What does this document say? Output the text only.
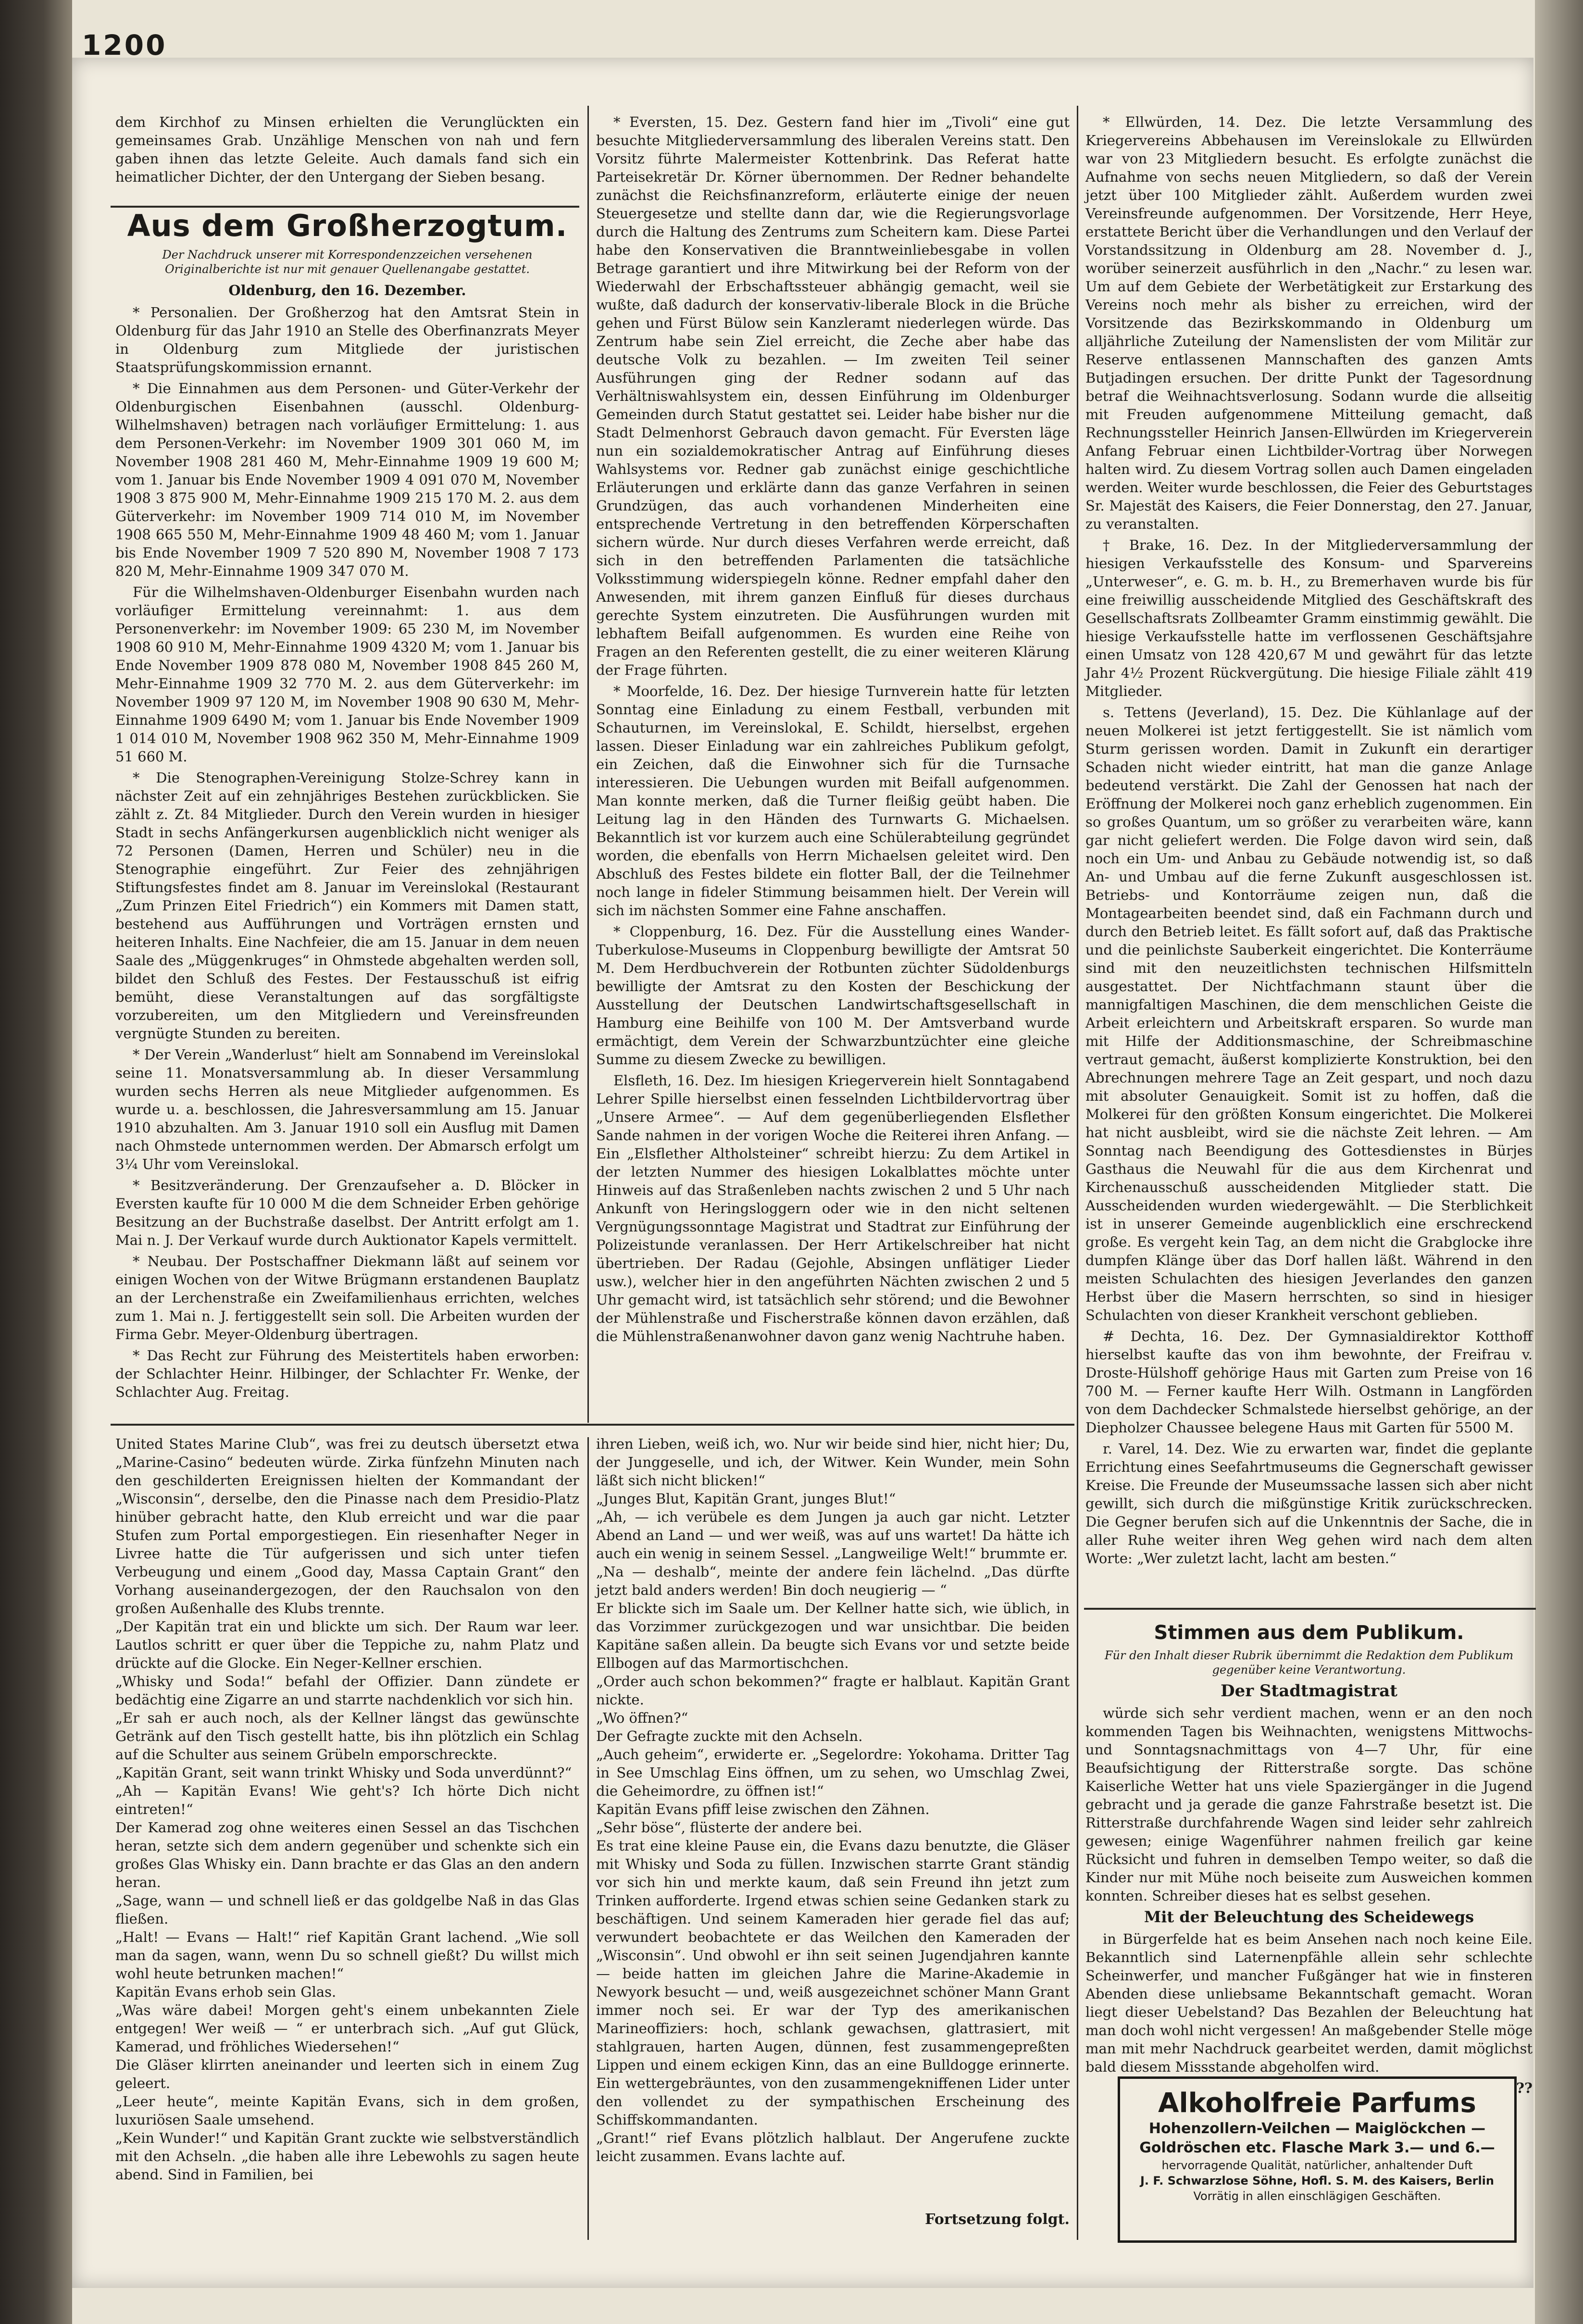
1200

dem Kirchhof zu Minsen erhielten die Verunglückten ein gemeinsames Grab. Unzählige Menschen von nah und fern gaben ihnen das letzte Geleite. Auch damals fand sich ein heimatlicher Dichter, der den Untergang der Sieben besang.

Aus dem Großherzogtum.
Der Nachdruck unserer mit Korrespondenzzeichen versehenen Originalberichte ist nur mit genauer Quellenangabe gestattet.
Oldenburg, den 16. Dezember.

* Personalien. Der Großherzog hat den Amtsrat Stein in Oldenburg für das Jahr 1910 an Stelle des Oberfinanzrats Meyer in Oldenburg zum Mitgliede der juristischen Staatsprüfungskommission ernannt.

* Die Einnahmen aus dem Personen- und Güter-Verkehr der Oldenburgischen Eisenbahnen (ausschl. Oldenburg-Wilhelmshaven) betragen nach vorläufiger Ermittelung: 1. aus dem Personen-Verkehr: im November 1909 301 060 M, im November 1908 281 460 M, Mehr-Einnahme 1909 19 600 M; vom 1. Januar bis Ende November 1909 4 091 070 M, November 1908 3 875 900 M, Mehr-Einnahme 1909 215 170 M. 2. aus dem Güterverkehr: im November 1909 714 010 M, im November 1908 665 550 M, Mehr-Einnahme 1909 48 460 M; vom 1. Januar bis Ende November 1909 7 520 890 M, November 1908 7 173 820 M, Mehr-Einnahme 1909 347 070 M.

Für die Wilhelmshaven-Oldenburger Eisenbahn wurden nach vorläufiger Ermittelung vereinnahmt: 1. aus dem Personenverkehr: im November 1909: 65 230 M, im November 1908 60 910 M, Mehr-Einnahme 1909 4320 M; vom 1. Januar bis Ende November 1909 878 080 M, November 1908 845 260 M, Mehr-Einnahme 1909 32 770 M. 2. aus dem Güterverkehr: im November 1909 97 120 M, im November 1908 90 630 M, Mehr-Einnahme 1909 6490 M; vom 1. Januar bis Ende November 1909 1 014 010 M, November 1908 962 350 M, Mehr-Einnahme 1909 51 660 M.

* Die Stenographen-Vereinigung Stolze-Schrey kann in nächster Zeit auf ein zehnjähriges Bestehen zurückblicken. Sie zählt z. Zt. 84 Mitglieder. Durch den Verein wurden in hiesiger Stadt in sechs Anfängerkursen augenblicklich nicht weniger als 72 Personen (Damen, Herren und Schüler) neu in die Stenographie eingeführt. Zur Feier des zehnjährigen Stiftungsfestes findet am 8. Januar im Vereinslokal (Restaurant „Zum Prinzen Eitel Friedrich“) ein Kommers mit Damen statt, bestehend aus Aufführungen und Vorträgen ernsten und heiteren Inhalts. Eine Nachfeier, die am 15. Januar in dem neuen Saale des „Müggenkruges“ in Ohmstede abgehalten werden soll, bildet den Schluß des Festes. Der Festausschuß ist eifrig bemüht, diese Veranstaltungen auf das sorgfältigste vorzubereiten, um den Mitgliedern und Vereinsfreunden vergnügte Stunden zu bereiten.

* Der Verein „Wanderlust“ hielt am Sonnabend im Vereinslokal seine 11. Monatsversammlung ab. In dieser Versammlung wurden sechs Herren als neue Mitglieder aufgenommen. Es wurde u. a. beschlossen, die Jahresversammlung am 15. Januar 1910 abzuhalten. Am 3. Januar 1910 soll ein Ausflug mit Damen nach Ohmstede unternommen werden. Der Abmarsch erfolgt um 3¼ Uhr vom Vereinslokal.

* Besitzveränderung. Der Grenzaufseher a. D. Blöcker in Eversten kaufte für 10 000 M die dem Schneider Erben gehörige Besitzung an der Buchstraße daselbst. Der Antritt erfolgt am 1. Mai n. J. Der Verkauf wurde durch Auktionator Kapels vermittelt.

* Neubau. Der Postschaffner Diekmann läßt auf seinem vor einigen Wochen von der Witwe Brügmann erstandenen Bauplatz an der Lerchenstraße ein Zweifamilienhaus errichten, welches zum 1. Mai n. J. fertiggestellt sein soll. Die Arbeiten wurden der Firma Gebr. Meyer-Oldenburg übertragen.

* Das Recht zur Führung des Meistertitels haben erworben: der Schlachter Heinr. Hilbinger, der Schlachter Fr. Wenke, der Schlachter Aug. Freitag.

* Eversten, 15. Dez. Gestern fand hier im „Tivoli“ eine gut besuchte Mitgliederversammlung des liberalen Vereins statt. Den Vorsitz führte Malermeister Kottenbrink. Das Referat hatte Parteisekretär Dr. Körner übernommen. Der Redner behandelte zunächst die Reichsfinanzreform, erläuterte einige der neuen Steuergesetze und stellte dann dar, wie die Regierungsvorlage durch die Haltung des Zentrums zum Scheitern kam. Diese Partei habe den Konservativen die Branntweinliebesgabe in vollen Betrage garantiert und ihre Mitwirkung bei der Reform von der Wiederwahl der Erbschaftssteuer abhängig gemacht, weil sie wußte, daß dadurch der konservativ-liberale Block in die Brüche gehen und Fürst Bülow sein Kanzleramt niederlegen würde. Das Zentrum habe sein Ziel erreicht, die Zeche aber habe das deutsche Volk zu bezahlen. — Im zweiten Teil seiner Ausführungen ging der Redner sodann auf das Verhältniswahlsystem ein, dessen Einführung im Oldenburger Gemeinden durch Statut gestattet sei. Leider habe bisher nur die Stadt Delmenhorst Gebrauch davon gemacht. Für Eversten läge nun ein sozialdemokratischer Antrag auf Einführung dieses Wahlsystems vor. Redner gab zunächst einige geschichtliche Erläuterungen und erklärte dann das ganze Verfahren in seinen Grundzügen, das auch vorhandenen Minderheiten eine entsprechende Vertretung in den betreffenden Körperschaften sichern würde. Nur durch dieses Verfahren werde erreicht, daß sich in den betreffenden Parlamenten die tatsächliche Volksstimmung widerspiegeln könne. Redner empfahl daher den Anwesenden, mit ihrem ganzen Einfluß für dieses durchaus gerechte System einzutreten. Die Ausführungen wurden mit lebhaftem Beifall aufgenommen. Es wurden eine Reihe von Fragen an den Referenten gestellt, die zu einer weiteren Klärung der Frage führten.

* Moorfelde, 16. Dez. Der hiesige Turnverein hatte für letzten Sonntag eine Einladung zu einem Festball, verbunden mit Schauturnen, im Vereinslokal, E. Schildt, hierselbst, ergehen lassen. Dieser Einladung war ein zahlreiches Publikum gefolgt, ein Zeichen, daß die Einwohner sich für die Turnsache interessieren. Die Uebungen wurden mit Beifall aufgenommen. Man konnte merken, daß die Turner fleißig geübt haben. Die Leitung lag in den Händen des Turnwarts G. Michaelsen. Bekanntlich ist vor kurzem auch eine Schülerabteilung gegründet worden, die ebenfalls von Herrn Michaelsen geleitet wird. Den Abschluß des Festes bildete ein flotter Ball, der die Teilnehmer noch lange in fideler Stimmung beisammen hielt. Der Verein will sich im nächsten Sommer eine Fahne anschaffen.

* Cloppenburg, 16. Dez. Für die Ausstellung eines Wander-Tuberkulose-Museums in Cloppenburg bewilligte der Amtsrat 50 M. Dem Herdbuchverein der Rotbunten züchter Südoldenburgs bewilligte der Amtsrat zu den Kosten der Beschickung der Ausstellung der Deutschen Landwirtschaftsgesellschaft in Hamburg eine Beihilfe von 100 M. Der Amtsverband wurde ermächtigt, dem Verein der Schwarzbuntzüchter eine gleiche Summe zu diesem Zwecke zu bewilligen.

Elsfleth, 16. Dez. Im hiesigen Kriegerverein hielt Sonntagabend Lehrer Spille hierselbst einen fesselnden Lichtbildervortrag über „Unsere Armee“. — Auf dem gegenüberliegenden Elsflether Sande nahmen in der vorigen Woche die Reiterei ihren Anfang. — Ein „Elsflether Altholsteiner“ schreibt hierzu: Zu dem Artikel in der letzten Nummer des hiesigen Lokalblattes möchte unter Hinweis auf das Straßenleben nachts zwischen 2 und 5 Uhr nach Ankunft von Heringsloggern oder wie in den nicht seltenen Vergnügungssonntage Magistrat und Stadtrat zur Einführung der Polizeistunde veranlassen. Der Herr Artikelschreiber hat nicht übertrieben. Der Radau (Gejohle, Absingen unflätiger Lieder usw.), welcher hier in den angeführten Nächten zwischen 2 und 5 Uhr gemacht wird, ist tatsächlich sehr störend; und die Bewohner der Mühlenstraße und Fischerstraße können davon erzählen, daß die Mühlenstraßenanwohner davon ganz wenig Nachtruhe haben.

* Ellwürden, 14. Dez. Die letzte Versammlung des Kriegervereins Abbehausen im Vereinslokale zu Ellwürden war von 23 Mitgliedern besucht. Es erfolgte zunächst die Aufnahme von sechs neuen Mitgliedern, so daß der Verein jetzt über 100 Mitglieder zählt. Außerdem wurden zwei Vereinsfreunde aufgenommen. Der Vorsitzende, Herr Heye, erstattete Bericht über die Verhandlungen und den Verlauf der Vorstandssitzung in Oldenburg am 28. November d. J., worüber seinerzeit ausführlich in den „Nachr.“ zu lesen war. Um auf dem Gebiete der Werbetätigkeit zur Erstarkung des Vereins noch mehr als bisher zu erreichen, wird der Vorsitzende das Bezirkskommando in Oldenburg um alljährliche Zuteilung der Namenslisten der vom Militär zur Reserve entlassenen Mannschaften des ganzen Amts Butjadingen ersuchen. Der dritte Punkt der Tagesordnung betraf die Weihnachtsverlosung. Sodann wurde die allseitig mit Freuden aufgenommene Mitteilung gemacht, daß Rechnungssteller Heinrich Jansen-Ellwürden im Kriegerverein Anfang Februar einen Lichtbilder-Vortrag über Norwegen halten wird. Zu diesem Vortrag sollen auch Damen eingeladen werden. Weiter wurde beschlossen, die Feier des Geburtstages Sr. Majestät des Kaisers, die Feier Donnerstag, den 27. Januar, zu veranstalten.

† Brake, 16. Dez. In der Mitgliederversammlung der hiesigen Verkaufsstelle des Konsum- und Sparvereins „Unterweser“, e. G. m. b. H., zu Bremerhaven wurde bis für eine freiwillig ausscheidende Mitglied des Geschäftskraft des Gesellschaftsrats Zollbeamter Gramm einstimmig gewählt. Die hiesige Verkaufsstelle hatte im verflossenen Geschäftsjahre einen Umsatz von 128 420,67 M und gewährt für das letzte Jahr 4½ Prozent Rückvergütung. Die hiesige Filiale zählt 419 Mitglieder.

s. Tettens (Jeverland), 15. Dez. Die Kühlanlage auf der neuen Molkerei ist jetzt fertiggestellt. Sie ist nämlich vom Sturm gerissen worden. Damit in Zukunft ein derartiger Schaden nicht wieder eintritt, hat man die ganze Anlage bedeutend verstärkt. Die Zahl der Genossen hat nach der Eröffnung der Molkerei noch ganz erheblich zugenommen. Ein so großes Quantum, um so größer zu verarbeiten wäre, kann gar nicht geliefert werden. Die Folge davon wird sein, daß noch ein Um- und Anbau zu Gebäude notwendig ist, so daß An- und Umbau auf die ferne Zukunft ausgeschlossen ist. Betriebs- und Kontorräume zeigen nun, daß die Montagearbeiten beendet sind, daß ein Fachmann durch und durch den Betrieb leitet. Es fällt sofort auf, daß das Praktische und die peinlichste Sauberkeit eingerichtet. Die Konterräume sind mit den neuzeitlichsten technischen Hilfsmitteln ausgestattet. Der Nichtfachmann staunt über die mannigfaltigen Maschinen, die dem menschlichen Geiste die Arbeit erleichtern und Arbeitskraft ersparen. So wurde man mit Hilfe der Additionsmaschine, der Schreibmaschine vertraut gemacht, äußerst komplizierte Konstruktion, bei den Abrechnungen mehrere Tage an Zeit gespart, und noch dazu mit absoluter Genauigkeit. Somit ist zu hoffen, daß die Molkerei für den größten Konsum eingerichtet. Die Molkerei hat nicht ausbleibt, wird sie die nächste Zeit lehren. — Am Sonntag nach Beendigung des Gottesdienstes in Bürjes Gasthaus die Neuwahl für die aus dem Kirchenrat und Kirchenausschuß ausscheidenden Mitglieder statt. Die Ausscheidenden wurden wiedergewählt. — Die Sterblichkeit ist in unserer Gemeinde augenblicklich eine erschreckend große. Es vergeht kein Tag, an dem nicht die Grabglocke ihre dumpfen Klänge über das Dorf hallen läßt. Während in den meisten Schulachten des hiesigen Jeverlandes den ganzen Herbst über die Masern herrschten, so sind in hiesiger Schulachten von dieser Krankheit verschont geblieben.

# Dechta, 16. Dez. Der Gymnasialdirektor Kotthoff hierselbst kaufte das von ihm bewohnte, der Freifrau v. Droste-Hülshoff gehörige Haus mit Garten zum Preise von 16 700 M. — Ferner kaufte Herr Wilh. Ostmann in Langförden von dem Dachdecker Schmalstede hierselbst gehörige, an der Diepholzer Chaussee belegene Haus mit Garten für 5500 M.

r. Varel, 14. Dez. Wie zu erwarten war, findet die geplante Errichtung eines Seefahrtmuseums die Gegnerschaft gewisser Kreise. Die Freunde der Museumssache lassen sich aber nicht gewillt, sich durch die mißgünstige Kritik zurückschrecken. Die Gegner berufen sich auf die Unkenntnis der Sache, die in aller Ruhe weiter ihren Weg gehen wird nach dem alten Worte: „Wer zuletzt lacht, lacht am besten.“

United States Marine Club“, was frei zu deutsch übersetzt etwa „Marine-Casino“ bedeuten würde. Zirka fünfzehn Minuten nach den geschilderten Ereignissen hielten der Kommandant der „Wisconsin“, derselbe, den die Pinasse nach dem Presidio-Platz hinüber gebracht hatte, den Klub erreicht und war die paar Stufen zum Portal emporgestiegen. Ein riesenhafter Neger in Livree hatte die Tür aufgerissen und sich unter tiefen Verbeugung und einem „Good day, Massa Captain Grant“ den Vorhang auseinandergezogen, der den Rauchsalon von den großen Außenhalle des Klubs trennte.
„Der Kapitän trat ein und blickte um sich. Der Raum war leer. Lautlos schritt er quer über die Teppiche zu, nahm Platz und drückte auf die Glocke. Ein Neger-Kellner erschien.
„Whisky und Soda!“ befahl der Offizier. Dann zündete er bedächtig eine Zigarre an und starrte nachdenklich vor sich hin.
„Er sah er auch noch, als der Kellner längst das gewünschte Getränk auf den Tisch gestellt hatte, bis ihn plötzlich ein Schlag auf die Schulter aus seinem Grübeln emporschreckte.
„Kapitän Grant, seit wann trinkt Whisky und Soda unverdünnt?“
„Ah — Kapitän Evans! Wie geht's? Ich hörte Dich nicht eintreten!“
Der Kamerad zog ohne weiteres einen Sessel an das Tischchen heran, setzte sich dem andern gegenüber und schenkte sich ein großes Glas Whisky ein. Dann brachte er das Glas an den andern heran.
„Sage, wann — und schnell ließ er das goldgelbe Naß in das Glas fließen.
„Halt! — Evans — Halt!“ rief Kapitän Grant lachend. „Wie soll man da sagen, wann, wenn Du so schnell gießt? Du willst mich wohl heute betrunken machen!“
Kapitän Evans erhob sein Glas.
„Was wäre dabei! Morgen geht's einem unbekannten Ziele entgegen! Wer weiß — “ er unterbrach sich. „Auf gut Glück, Kamerad, und fröhliches Wiedersehen!“
Die Gläser klirrten aneinander und leerten sich in einem Zug geleert.
„Leer heute“, meinte Kapitän Evans, sich in dem großen, luxuriösen Saale umsehend.
„Kein Wunder!“ und Kapitän Grant zuckte wie selbstverständlich mit den Achseln. „die haben alle ihre Lebewohls zu sagen heute abend. Sind in Familien, bei
ihren Lieben, weiß ich, wo. Nur wir beide sind hier, nicht hier; Du, der Junggeselle, und ich, der Witwer. Kein Wunder, mein Sohn läßt sich nicht blicken!“
„Junges Blut, Kapitän Grant, junges Blut!“
„Ah, — ich verübele es dem Jungen ja auch gar nicht. Letzter Abend an Land — und wer weiß, was auf uns wartet! Da hätte ich auch ein wenig in seinem Sessel. „Langweilige Welt!“ brummte er.
„Na — deshalb“, meinte der andere fein lächelnd. „Das dürfte jetzt bald anders werden! Bin doch neugierig — “
Er blickte sich im Saale um. Der Kellner hatte sich, wie üblich, in das Vorzimmer zurückgezogen und war unsichtbar. Die beiden Kapitäne saßen allein. Da beugte sich Evans vor und setzte beide Ellbogen auf das Marmortischchen.
„Order auch schon bekommen?“ fragte er halblaut. Kapitän Grant nickte.
„Wo öffnen?“
Der Gefragte zuckte mit den Achseln.
„Auch geheim“, erwiderte er. „Segelordre: Yokohama. Dritter Tag in See Umschlag Eins öffnen, um zu sehen, wo Umschlag Zwei, die Geheimordre, zu öffnen ist!“
Kapitän Evans pfiff leise zwischen den Zähnen.
„Sehr böse“, flüsterte der andere bei.
Es trat eine kleine Pause ein, die Evans dazu benutzte, die Gläser mit Whisky und Soda zu füllen. Inzwischen starrte Grant ständig vor sich hin und merkte kaum, daß sein Freund ihn jetzt zum Trinken aufforderte. Irgend etwas schien seine Gedanken stark zu beschäftigen. Und seinem Kameraden hier gerade fiel das auf; verwundert beobachtete er das Weilchen den Kameraden der „Wisconsin“. Und obwohl er ihn seit seinen Jugendjahren kannte — beide hatten im gleichen Jahre die Marine-Akademie in Newyork besucht — und, weiß ausgezeichnet schöner Mann Grant immer noch sei. Er war der Typ des amerikanischen Marineoffiziers: hoch, schlank gewachsen, glattrasiert, mit stahlgrauen, harten Augen, dünnen, fest zusammengepreßten Lippen und einem eckigen Kinn, das an eine Bulldogge erinnerte. Ein wettergebräuntes, von den zusammengekniffenen Lider unter den vollendet zu der sympathischen Erscheinung des Schiffskommandanten.
„Grant!“ rief Evans plötzlich halblaut. Der Angerufene zuckte leicht zusammen. Evans lachte auf.
Fortsetzung folgt.
Stimmen aus dem Publikum.
Für den Inhalt dieser Rubrik übernimmt die Redaktion dem Publikum gegenüber keine Verantwortung.
Der Stadtmagistrat

würde sich sehr verdient machen, wenn er an den noch kommenden Tagen bis Weihnachten, wenigstens Mittwochs- und Sonntagsnachmittags von 4—7 Uhr, für eine Beaufsichtigung der Ritterstraße sorgte. Das schöne Kaiserliche Wetter hat uns viele Spaziergänger in die Jugend gebracht und ja gerade die ganze Fahrstraße besetzt ist. Die Ritterstraße durchfahrende Wagen sind leider sehr zahlreich gewesen; einige Wagenführer nahmen freilich gar keine Rücksicht und fuhren in demselben Tempo weiter, so daß die Kinder nur mit Mühe noch beiseite zum Ausweichen kommen konnten. Schreiber dieses hat es selbst gesehen.

Mit der Beleuchtung des Scheidewegs

in Bürgerfelde hat es beim Ansehen nach noch keine Eile. Bekanntlich sind Laternenpfähle allein sehr schlechte Scheinwerfer, und mancher Fußgänger hat wie in finsteren Abenden diese unliebsame Bekanntschaft gemacht. Woran liegt dieser Uebelstand? Das Bezahlen der Beleuchtung hat man doch wohl nicht vergessen! An maßgebender Stelle möge man mit mehr Nachdruck gearbeitet werden, damit möglichst bald diesem Missstande abgeholfen wird.

??
Alkoholfreie Parfums
Hohenzollern-Veilchen — Maiglöckchen —
Goldröschen etc. Flasche Mark 3.— und 6.—
hervorragende Qualität, natürlicher, anhaltender Duft
J. F. Schwarzlose Söhne, Hofl. S. M. des Kaisers, Berlin
Vorrätig in allen einschlägigen Geschäften.
